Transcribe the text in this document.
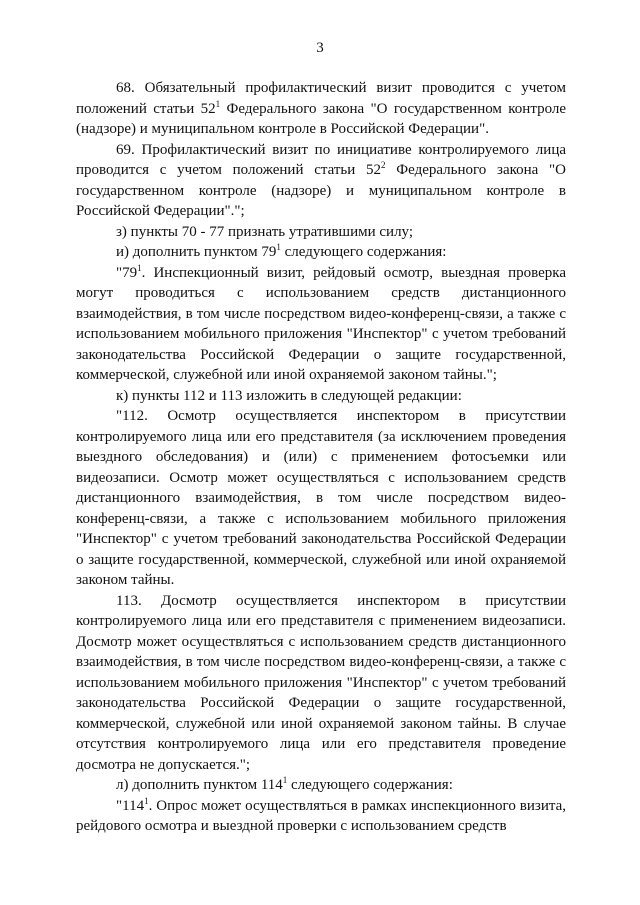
3

68. Обязательный профилактический визит проводится с учетом положений статьи $52^1$ Федерального закона "О государственном контроле (надзоре) и муниципальном контроле в Российской Федерации".

69. Профилактический визит по инициативе контролируемого лица проводится с учетом положений статьи $52^2$ Федерального закона "О государственном контроле (надзоре) и муниципальном контроле в Российской Федерации".";

з) пункты 70 - 77 признать утратившими силу;

и) дополнить пунктом $79^1$ следующего содержания:

"$79^1$. Инспекционный визит, рейдовый осмотр, выездная проверка могут проводиться с использованием средств дистанционного взаимодействия, в том числе посредством видео-конференц-связи, а также с использованием мобильного приложения "Инспектор" с учетом требований законодательства Российской Федерации о защите государственной, коммерческой, служебной или иной охраняемой законом тайны.";

к) пункты 112 и 113 изложить в следующей редакции:

"112. Осмотр осуществляется инспектором в присутствии контролируемого лица или его представителя (за исключением проведения выездного обследования) и (или) с применением фотосъемки или видеозаписи. Осмотр может осуществляться с использованием средств дистанционного взаимодействия, в том числе посредством видео-конференц-связи, а также с использованием мобильного приложения "Инспектор" с учетом требований законодательства Российской Федерации о защите государственной, коммерческой, служебной или иной охраняемой законом тайны.

113. Досмотр осуществляется инспектором в присутствии контролируемого лица или его представителя с применением видеозаписи. Досмотр может осуществляться с использованием средств дистанционного взаимодействия, в том числе посредством видео-конференц-связи, а также с использованием мобильного приложения "Инспектор" с учетом требований законодательства Российской Федерации о защите государственной, коммерческой, служебной или иной охраняемой законом тайны. В случае отсутствия контролируемого лица или его представителя проведение досмотра не допускается.";

л) дополнить пунктом $114^1$ следующего содержания:

"$114^1$. Опрос может осуществляться в рамках инспекционного визита, рейдового осмотра и выездной проверки с использованием средств
